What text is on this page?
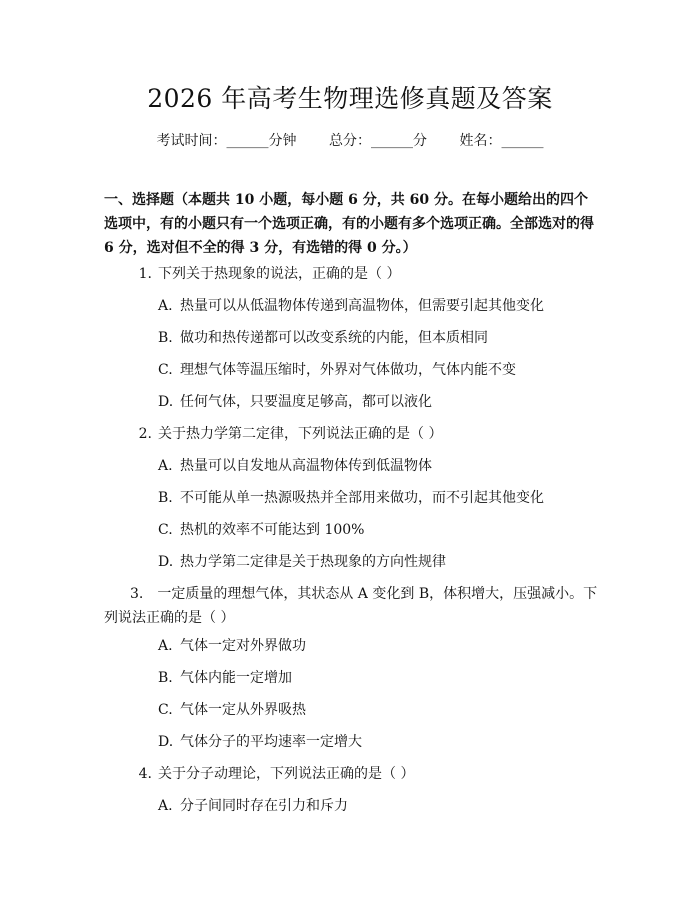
2026 年高考生物理选修真题及答案
考试时间：______分钟 总分：______分 姓名：______
一、选择题（本题共 10 小题，每小题 6 分，共 60 分。在每小题给出的四个选项中，有的小题只有一个选项正确，有的小题有多个选项正确。全部选对的得 6 分，选对但不全的得 3 分，有选错的得 0 分。）
1. 下列关于热现象的说法，正确的是（ ）
A. 热量可以从低温物体传递到高温物体，但需要引起其他变化
B. 做功和热传递都可以改变系统的内能，但本质相同
C. 理想气体等温压缩时，外界对气体做功，气体内能不变
D. 任何气体，只要温度足够高，都可以液化
2. 关于热力学第二定律，下列说法正确的是（ ）
A. 热量可以自发地从高温物体传到低温物体
B. 不可能从单一热源吸热并全部用来做功，而不引起其他变化
C. 热机的效率不可能达到 100%
D. 热力学第二定律是关于热现象的方向性规律
3. 一定质量的理想气体，其状态从 A 变化到 B，体积增大，压强减小。下列说法正确的是（ ）
A. 气体一定对外界做功
B. 气体内能一定增加
C. 气体一定从外界吸热
D. 气体分子的平均速率一定增大
4. 关于分子动理论，下列说法正确的是（ ）
A. 分子间同时存在引力和斥力
